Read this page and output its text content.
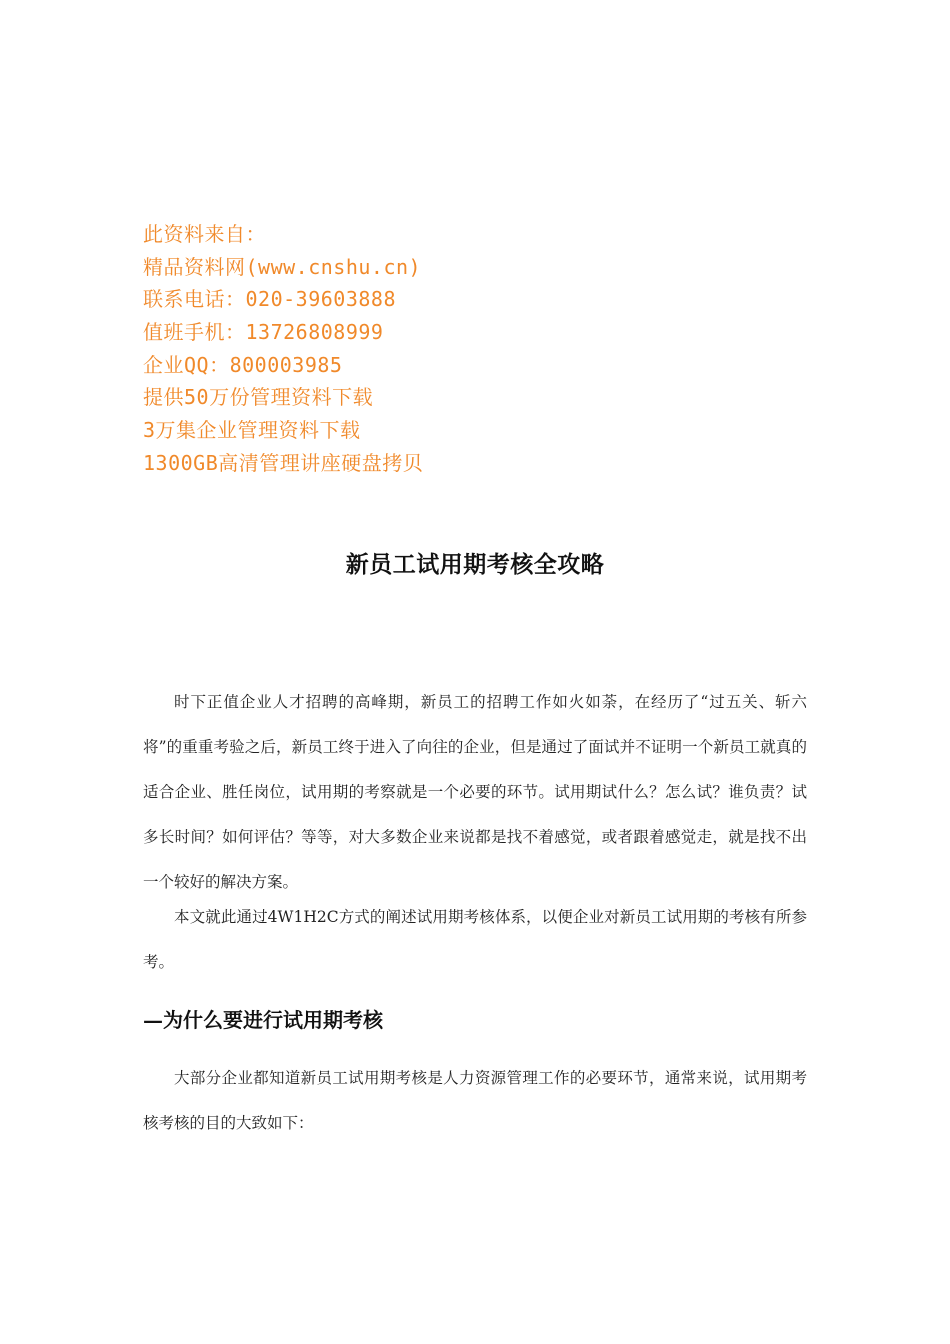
此资料来自：
精品资料网(www.cnshu.cn)
联系电话：020-39603888
值班手机：13726808999
企业QQ：800003985
提供50万份管理资料下载
3万集企业管理资料下载
1300GB高清管理讲座硬盘拷贝
新员工试用期考核全攻略

时下正值企业人才招聘的高峰期，新员工的招聘工作如火如荼，在经历了“过五关、斩六将”的重重考验之后，新员工终于进入了向往的企业，但是通过了面试并不证明一个新员工就真的适合企业、胜任岗位，试用期的考察就是一个必要的环节。试用期试什么？怎么试？谁负责？试多长时间？如何评估？等等，对大多数企业来说都是找不着感觉，或者跟着感觉走，就是找不出一个较好的解决方案。

本文就此通过4W1H2C方式的阐述试用期考核体系，以便企业对新员工试用期的考核有所参考。

—为什么要进行试用期考核

大部分企业都知道新员工试用期考核是人力资源管理工作的必要环节，通常来说，试用期考核考核的目的大致如下：
